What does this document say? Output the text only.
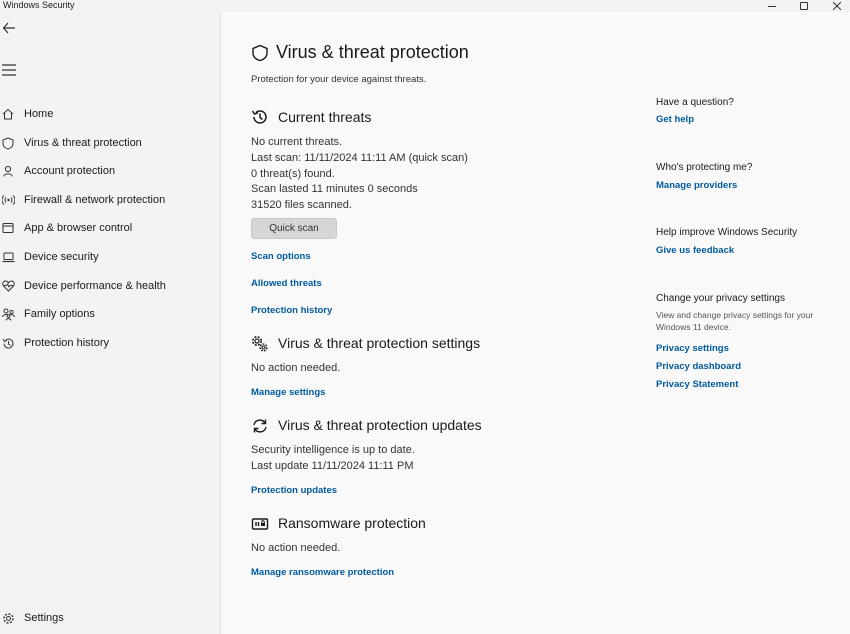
Windows Security
Home
Virus & threat protection
Account protection
Firewall & network protection
App & browser control
Device security
Device performance & health
Family options
Protection history
Settings
Virus & threat protection
Protection for your device against threats.
Current threats
No current threats.
Last scan: 11/11/2024 11:11 AM (quick scan)
0 threat(s) found.
Scan lasted 11 minutes 0 seconds
31520 files scanned.
Quick scan
Scan options
Allowed threats
Protection history
Virus & threat protection settings
No action needed.
Manage settings
Virus & threat protection updates
Security intelligence is up to date.
Last update 11/11/2024 11:11 PM
Protection updates
Ransomware protection
No action needed.
Manage ransomware protection
Have a question?
Get help
Who's protecting me?
Manage providers
Help improve Windows Security
Give us feedback
Change your privacy settings
View and change privacy settings for your Windows 11 device.
Privacy settings
Privacy dashboard
Privacy Statement
